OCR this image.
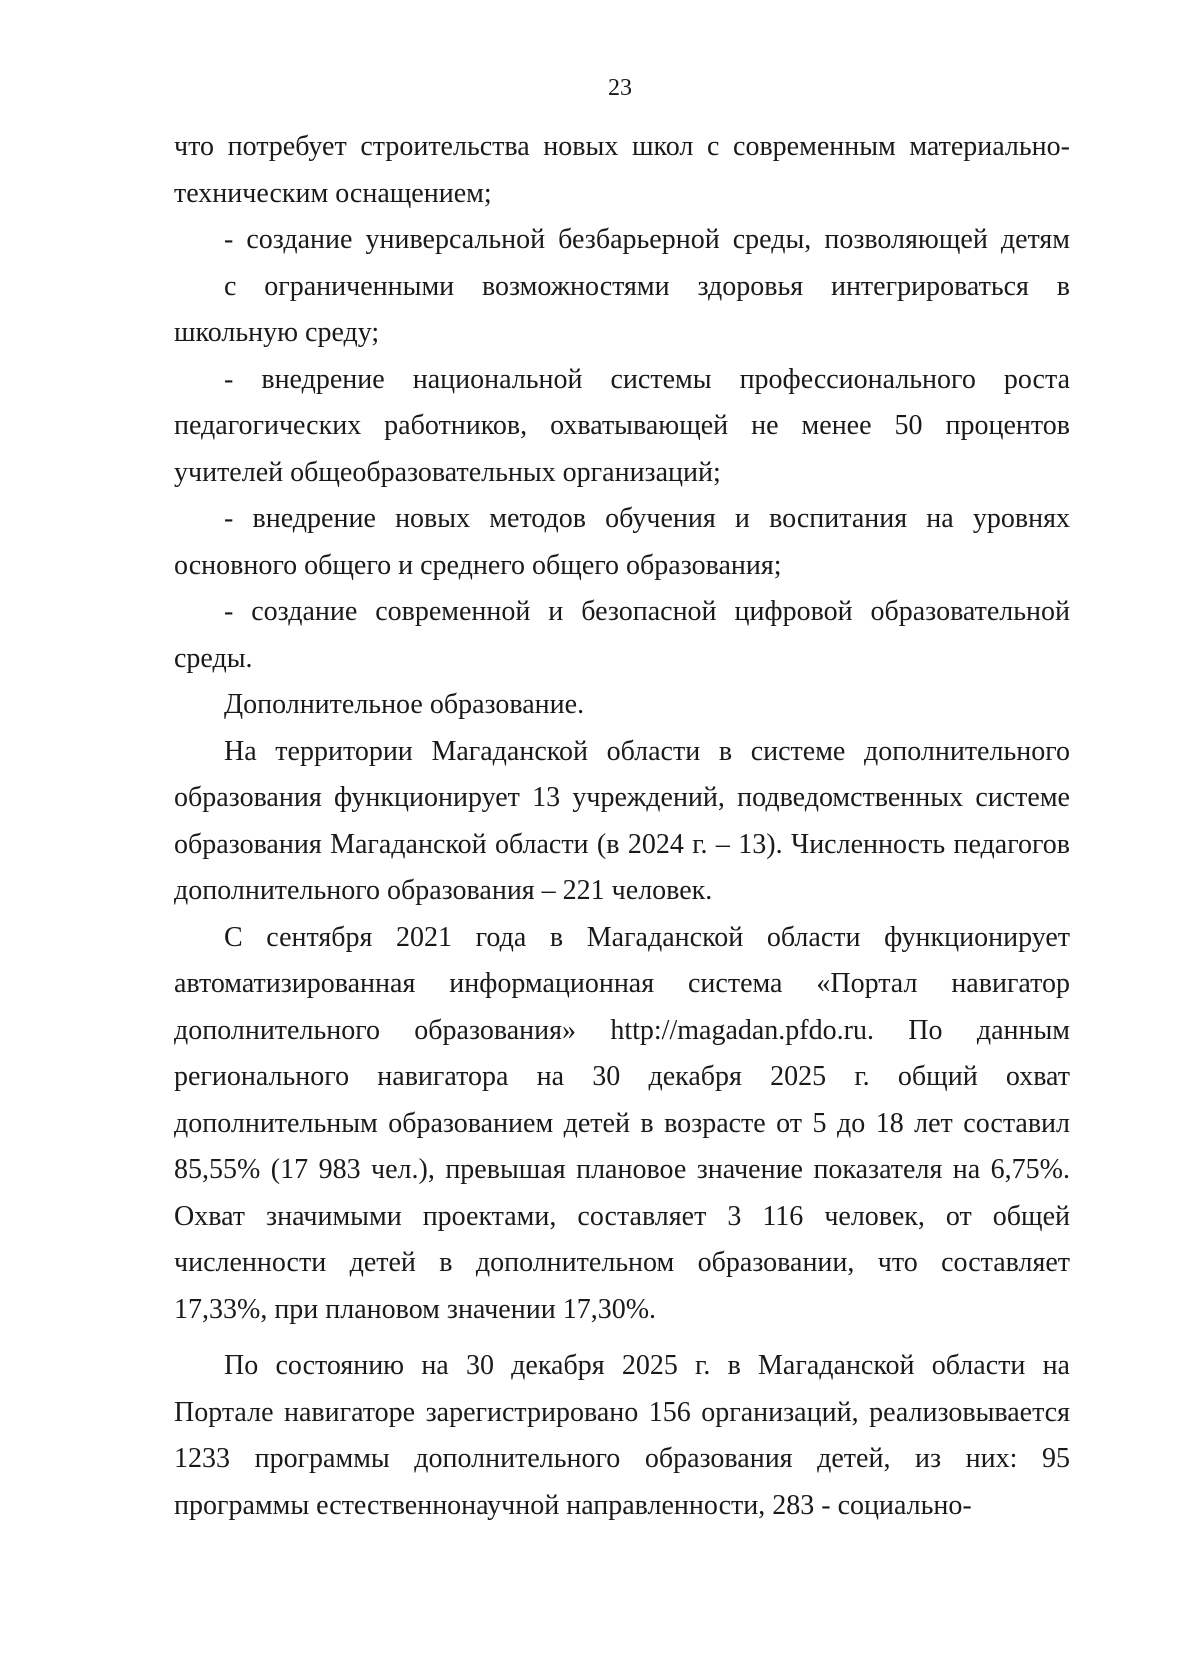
23

что потребует строительства новых школ с современным материально-техническим оснащением;

- создание универсальной безбарьерной среды, позволяющей детям

с ограниченными возможностями здоровья интегрироваться в школьную среду;

- внедрение национальной системы профессионального роста педагогических работников, охватывающей не менее 50 процентов учителей общеобразовательных организаций;

- внедрение новых методов обучения и воспитания на уровнях основного общего и среднего общего образования;

- создание современной и безопасной цифровой образовательной среды.

Дополнительное образование.

На территории Магаданской области в системе дополнительного образования функционирует 13 учреждений, подведомственных системе образования Магаданской области (в 2024 г. – 13). Численность педагогов дополнительного образования – 221 человек.

С сентября 2021 года в Магаданской области функционирует автоматизированная информационная система «Портал навигатор дополнительного образования» http://magadan.pfdo.ru. По данным регионального навигатора на 30 декабря 2025 г. общий охват дополнительным образованием детей в возрасте от 5 до 18 лет составил 85,55% (17 983 чел.), превышая плановое значение показателя на 6,75%. Охват значимыми проектами, составляет 3 116 человек, от общей численности детей в дополнительном образовании, что составляет 17,33%, при плановом значении 17,30%.

По состоянию на 30 декабря 2025 г. в Магаданской области на Портале навигаторе зарегистрировано 156 организаций, реализовывается 1233 программы дополнительного образования детей, из них: 95 программы естественнонаучной направленности, 283 - социально-
